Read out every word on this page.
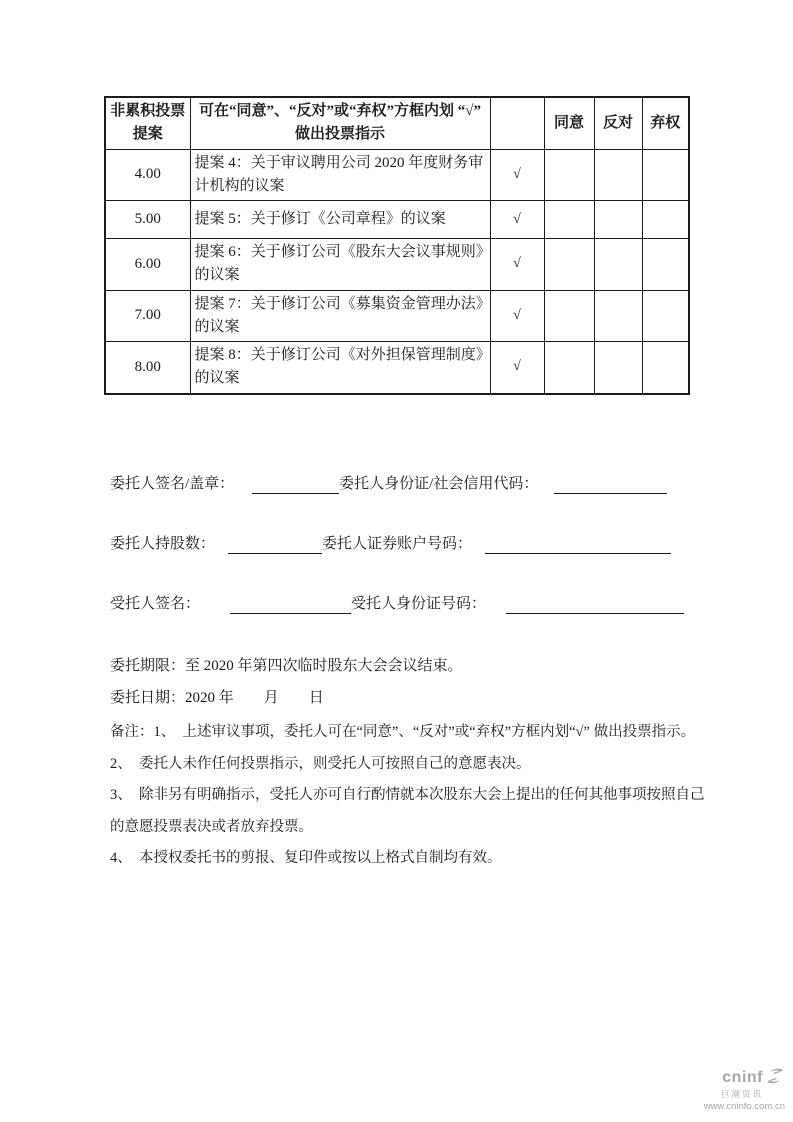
非累积投票提案	可在“同意”、“反对”或“弃权”方框内划 “√” 做出投票指示		同意	反对	弃权
4.00	提案 4：关于审议聘用公司 2020 年度财务审计机构的议案	√			
5.00	提案 5：关于修订《公司章程》的议案	√			
6.00	提案 6：关于修订公司《股东大会议事规则》的议案	√			
7.00	提案 7：关于修订公司《募集资金管理办法》的议案	√			
8.00	提案 8：关于修订公司《对外担保管理制度》的议案	√			
委托人签名/盖章：	委托人身份证/社会信用代码：
委托人持股数：	委托人证券账户号码：
受托人签名：	受托人身份证号码：
委托期限：至 2020 年第四次临时股东大会会议结束。
委托日期：2020 年　　月　　日

备注：1、　上述审议事项，委托人可在“同意”、“反对”或“弃权”方框内划“√” 做出投票指示。

2、　委托人未作任何投票指示，则受托人可按照自己的意愿表决。

3、　除非另有明确指示，受托人亦可自行酌情就本次股东大会上提出的任何其他事项按照自己的意愿投票表决或者放弃投票。

4、　本授权委托书的剪报、复印件或按以上格式自制均有效。

cninf
巨潮资讯
www.cninfo.com.cn
